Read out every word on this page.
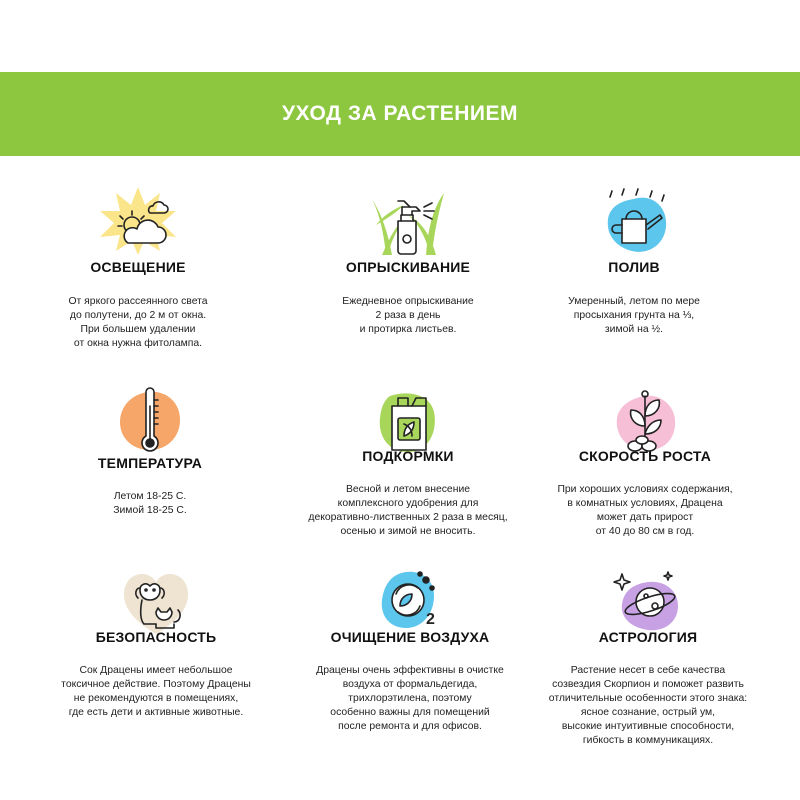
УХОД ЗА РАСТЕНИЕМ
ОСВЕЩЕНИЕ

От яркого рассеянного света
до полутени, до 2 м от окна.
При большем удалении
от окна нужна фитолампа.

ОПРЫСКИВАНИЕ

Ежедневное опрыскивание
2 раза в день
и протирка листьев.

ПОЛИВ

Умеренный, летом по мере
просыхания грунта на ⅓,
зимой на ½.

ТЕМПЕРАТУРА

Летом 18-25 С.
Зимой 18-25 С.

ПОДКОРМКИ

Весной и летом внесение
комплексного удобрения для
декоративно-лиственных 2 раза в месяц,
осенью и зимой не вносить.

СКОРОСТЬ РОСТА

При хороших условиях содержания,
в комнатных условиях, Драцена
может дать прирост
от 40 до 80 см в год.

БЕЗОПАСНОСТЬ

Сок Драцены имеет небольшое
токсичное действие. Поэтому Драцены
не рекомендуются в помещениях,
где есть дети и активные животные.

2
ОЧИЩЕНИЕ ВОЗДУХА

Драцены очень эффективны в очистке
воздуха от формальдегида,
трихлорэтилена, поэтому
особенно важны для помещений
после ремонта и для офисов.

АСТРОЛОГИЯ

Растение несет в себе качества
созвездия Скорпион и поможет развить
отличительные особенности этого знака:
ясное сознание, острый ум,
высокие интуитивные способности,
гибкость в коммуникациях.
